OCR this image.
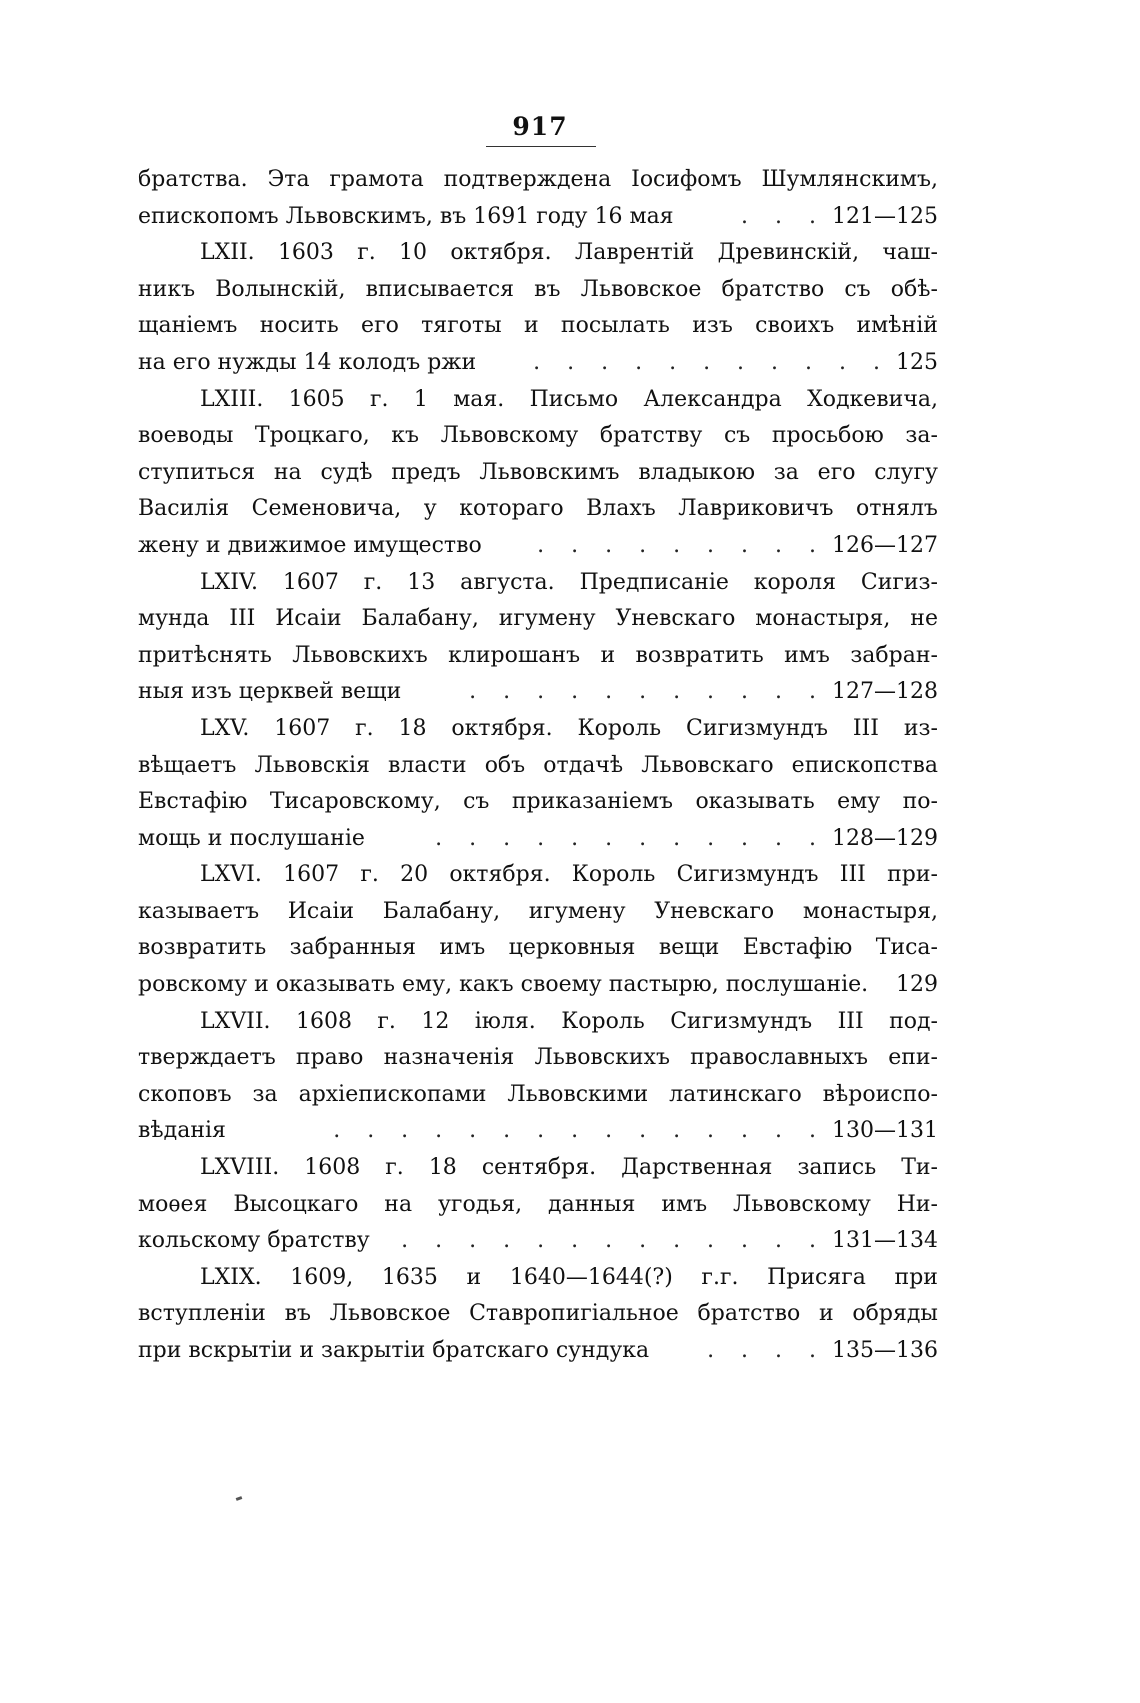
917
братства. Эта грамота подтверждена Іосифомъ Шумлянскимъ,
епископомъ Львовскимъ, въ 1691 году 16 мая	. . . 121—125
LXII. 1603 г. 10 октября. Лаврентій Древинскій, чаш-
никъ Волынскій, вписывается въ Львовское братство съ обѣ-
щаніемъ носить его тяготы и посылать изъ своихъ имѣній
на его нужды 14 колодъ ржи	. . . . . . . . . . . 125
LXIII. 1605 г. 1 мая. Письмо Александра Ходкевича,
воеводы Троцкаго, къ Львовскому братству съ просьбою за-
ступиться на судѣ предъ Львовскимъ владыкою за его слугу
Василія Семеновича, у котораго Влахъ Лавриковичъ отнялъ
жену и движимое имущество	. . . . . . . . . 126—127
LXIV. 1607 г. 13 августа. Предписаніе короля Сигиз-
мунда III Исаіи Балабану, игумену Уневскаго монастыря, не
притѣснять Львовскихъ клирошанъ и возвратить имъ забран-
ныя изъ церквей вещи	. . . . . . . . . . . 127—128
LXV. 1607 г. 18 октября. Король Сигизмундъ III из-
вѣщаетъ Львовскія власти объ отдачѣ Львовскаго епископства
Евстафію Тисаровскому, съ приказаніемъ оказывать ему по-
мощь и послушаніе	. . . . . . . . . . . . 128—129
LXVI. 1607 г. 20 октября. Король Сигизмундъ III при-
казываетъ Исаіи Балабану, игумену Уневскаго монастыря,
возвратить забранныя имъ церковныя вещи Евстафію Тиса-
ровскому и оказывать ему, какъ своему пастырю, послушаніе. 129
LXVII. 1608 г. 12 іюля. Король Сигизмундъ III под-
тверждаетъ право назначенія Львовскихъ православныхъ епи-
скоповъ за архіепископами Львовскими латинскаго вѣроиспо-
вѣданія	. . . . . . . . . . . . . . . 130—131
LXVIII. 1608 г. 18 сентября. Дарственная запись Ти-
моѳея Высоцкаго на угодья, данныя имъ Львовскому Ни-
кольскому братству	. . . . . . . . . . . . . 131—134
LXIX. 1609, 1635 и 1640—1644(?) г.г. Присяга при
вступленіи въ Львовское Ставропигіальное братство и обряды
при вскрытіи и закрытіи братскаго сундука	. . . . 135—136
